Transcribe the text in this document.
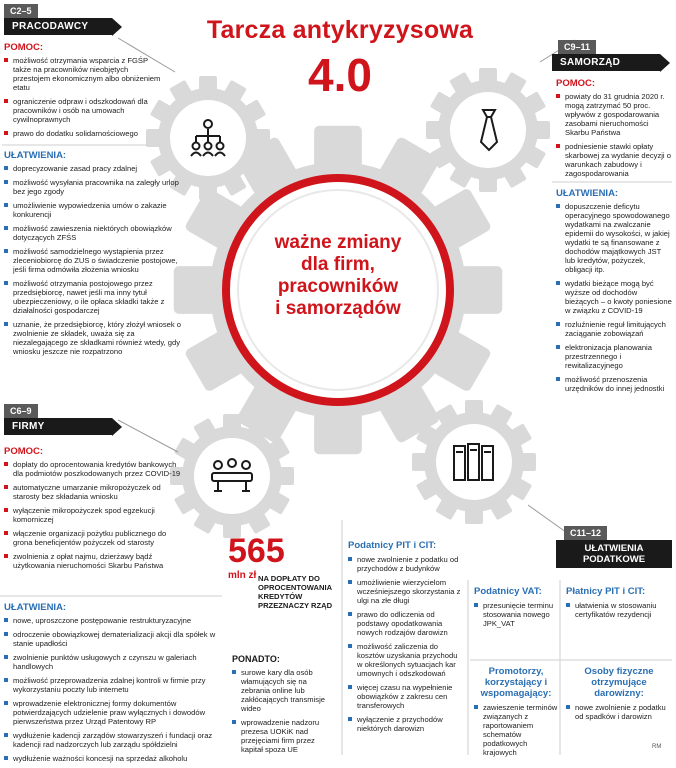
Tarcza antykryzysowa
4.0
ważne zmiany
dla firm,
pracowników
i samorządów
C2–5
PRACODAWCY
POMOC:
możliwość otrzymania wsparcia z FGŚP także na pracowników nieobjętych przestojem ekonomicznym albo obniżeniem etatu
ograniczenie odpraw i odszkodowań dla pracowników i osób na umowach cywilnoprawnych
prawo do dodatku solidarnościowego
UŁATWIENIA:
doprecyzowanie zasad pracy zdalnej
możliwość wysyłania pracownika na zaległy urlop bez jego zgody
umożliwienie wypowiedzenia umów o zakazie konkurencji
możliwość zawieszenia niektórych obowiązków dotyczących ZFŚS
możliwość samodzielnego wystąpienia przez zleceniobiorcę do ZUS o świadczenie postojowe, jeśli firma odmówiła złożenia wniosku
możliwość otrzymania postojowego przez przedsiębiorcę, nawet jeśli ma inny tytuł ubezpieczeniowy, o ile opłaca składki także z działalności gospodarczej
uznanie, że przedsiębiorcę, który złożył wniosek o zwolnienie ze składek, uważa się za niezalegającego ze składkami również wtedy, gdy wniosku jeszcze nie rozpatrzono
C9–11
SAMORZĄD
POMOC:
powiaty do 31 grudnia 2020 r. mogą zatrzymać 50 proc. wpływów z gospodarowania zasobami nieruchomości Skarbu Państwa
podniesienie stawki opłaty skarbowej za wydanie decyzji o warunkach zabudowy i zagospodarowania
UŁATWIENIA:
dopuszczenie deficytu operacyjnego spowodowanego wydatkami na zwalczanie epidemii do wysokości, w jakiej wydatki te są finansowane z dochodów majątkowych JST lub kredytów, pożyczek, obligacji itp.
wydatki bieżące mogą być wyższe od dochodów bieżących – o kwoty poniesione w związku z COVID-19
rozluźnienie reguł limitujących zaciąganie zobowiązań
elektronizacja planowania przestrzennego i rewitalizacyjnego
możliwość przenoszenia urzędników do innej jednostki
C6–9
FIRMY
POMOC:
dopłaty do oprocentowania kredytów bankowych dla podmiotów poszkodowanych przez COVID-19
automatyczne umarzanie mikropożyczek od starosty bez składania wniosku
wyłączenie mikropożyczek spod egzekucji komorniczej
włączenie organizacji pożytku publicznego do grona beneficjentów pożyczek od starosty
zwolnienia z opłat najmu, dzierżawy bądź użytkowania nieruchomości Skarbu Państwa
UŁATWIENIA:
nowe, uproszczone postępowanie restrukturyzacyjne
odroczenie obowiązkowej dematerializacji akcji dla spółek w stanie upadłości
zwolnienie punktów usługowych z czynszu w galeriach handlowych
możliwość przeprowadzenia zdalnej kontroli w firmie przy wykorzystaniu poczty lub internetu
wprowadzenie elektronicznej formy dokumentów potwierdzających udzielenie praw wyłącznych i dowodów pierwszeństwa przez Urząd Patentowy RP
wydłużenie kadencji zarządów stowarzyszeń i fundacji oraz kadencji rad nadzorczych lub zarządu spółdzielni
wydłużenie ważności koncesji na sprzedaż alkoholu
565
mln zł NA DOPŁATY DO OPROCENTOWANIA KREDYTÓW PRZEZNACZY RZĄD
PONADTO:
surowe kary dla osób włamujących się na zebrania online lub zakłócających transmisje wideo
wprowadzenie nadzoru prezesa UOKiK nad przejęciami firm przez kapitał spoza UE
Podatnicy PIT i CIT:
nowe zwolnienie z podatku od przychodów z budynków
umożliwienie wierzycielom wcześniejszego skorzystania z ulgi na złe długi
prawo do odliczenia od podstawy opodatkowania nowych rodzajów darowizn
możliwość zaliczenia do kosztów uzyskania przychodu w określonych sytuacjach kar umownych i odszkodowań
więcej czasu na wypełnienie obowiązków z zakresu cen transferowych
wyłączenie z przychodów niektórych darowizn
C11–12
UŁATWIENIA
PODATKOWE
Podatnicy VAT:
przesunięcie terminu stosowania nowego JPK_VAT
Płatnicy PIT i CIT:
ułatwienia w stosowaniu certyfikatów rezydencji
Promotorzy, korzystający i wspomagający:
zawieszenie terminów związanych z raportowaniem schematów podatkowych krajowych
Osoby fizyczne otrzymujące darowizny:
nowe zwolnienie z podatku od spadków i darowizn
RM
